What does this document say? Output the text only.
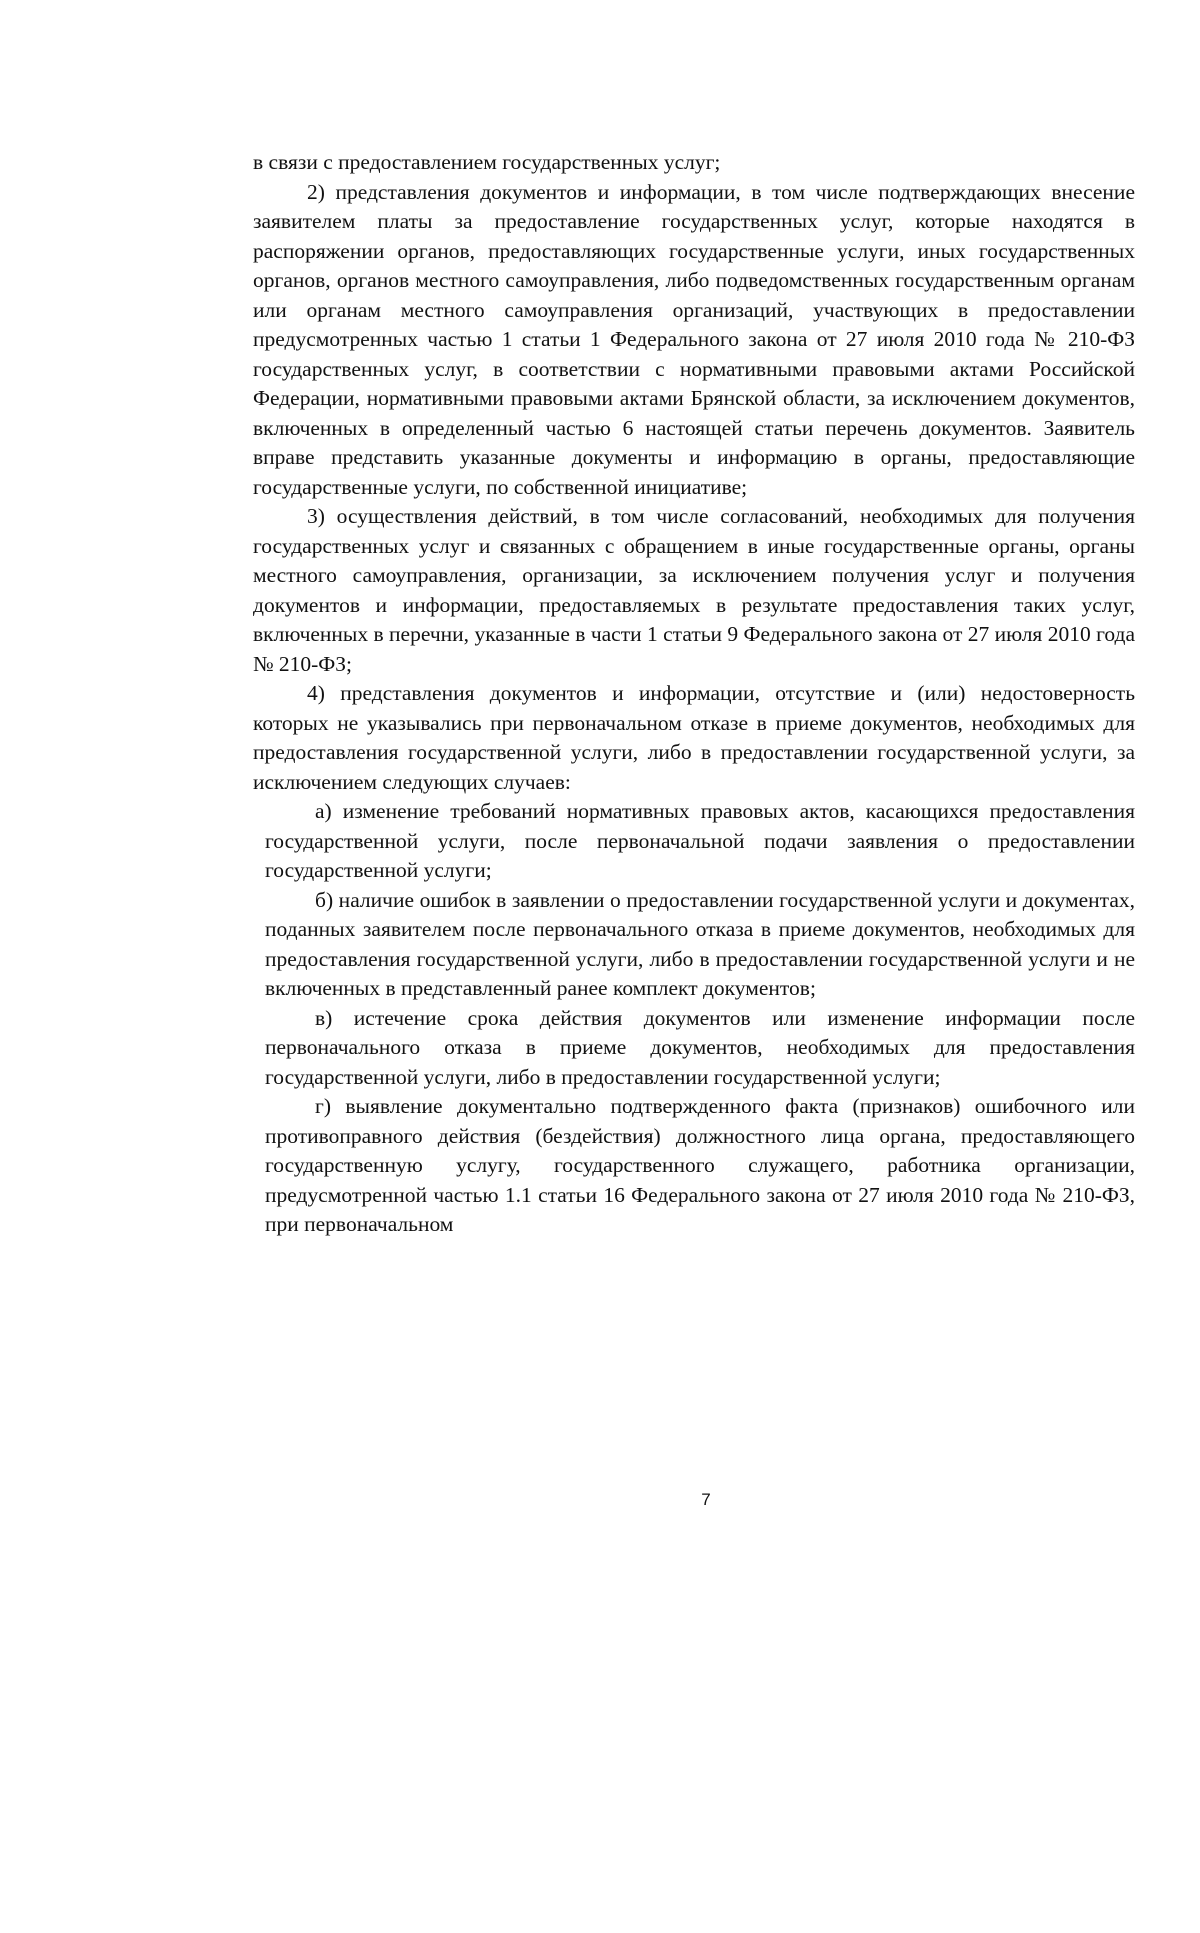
в связи с предоставлением государственных услуг;

2) представления документов и информации, в том числе подтверждающих внесение заявителем платы за предоставление государственных услуг, которые находятся в распоряжении органов, предоставляющих государственные услуги, иных государственных органов, органов местного самоуправления, либо подведомственных государственным органам или органам местного самоуправления организаций, участвующих в предоставлении предусмотренных частью 1 статьи 1 Федерального закона от 27 июля 2010 года № 210-ФЗ государственных услуг, в соответствии с нормативными правовыми актами Российской Федерации, нормативными правовыми актами Брянской области, за исключением документов, включенных в определенный частью 6 настоящей статьи перечень документов. Заявитель вправе представить указанные документы и информацию в органы, предоставляющие государственные услуги, по собственной инициативе;

3) осуществления действий, в том числе согласований, необходимых для получения государственных услуг и связанных с обращением в иные государственные органы, органы местного самоуправления, организации, за исключением получения услуг и получения документов и информации, предоставляемых в результате предоставления таких услуг, включенных в перечни, указанные в части 1 статьи 9 Федерального закона от 27 июля 2010 года № 210-ФЗ;

4) представления документов и информации, отсутствие и (или) недостоверность которых не указывались при первоначальном отказе в приеме документов, необходимых для предоставления государственной услуги, либо в предоставлении государственной услуги, за исключением следующих случаев:

а) изменение требований нормативных правовых актов, касающихся предоставления государственной услуги, после первоначальной подачи заявления о предоставлении государственной услуги;

б) наличие ошибок в заявлении о предоставлении государственной услуги и документах, поданных заявителем после первоначального отказа в приеме документов, необходимых для предоставления государственной услуги, либо в предоставлении государственной услуги и не включенных в представленный ранее комплект документов;

в) истечение срока действия документов или изменение информации после первоначального отказа в приеме документов, необходимых для предоставления государственной услуги, либо в предоставлении государственной услуги;

г) выявление документально подтвержденного факта (признаков) ошибочного или противоправного действия (бездействия) должностного лица органа, предоставляющего государственную услугу, государственного служащего, работника организации, предусмотренной частью 1.1 статьи 16 Федерального закона от 27 июля 2010 года № 210-ФЗ, при первоначальном

7
